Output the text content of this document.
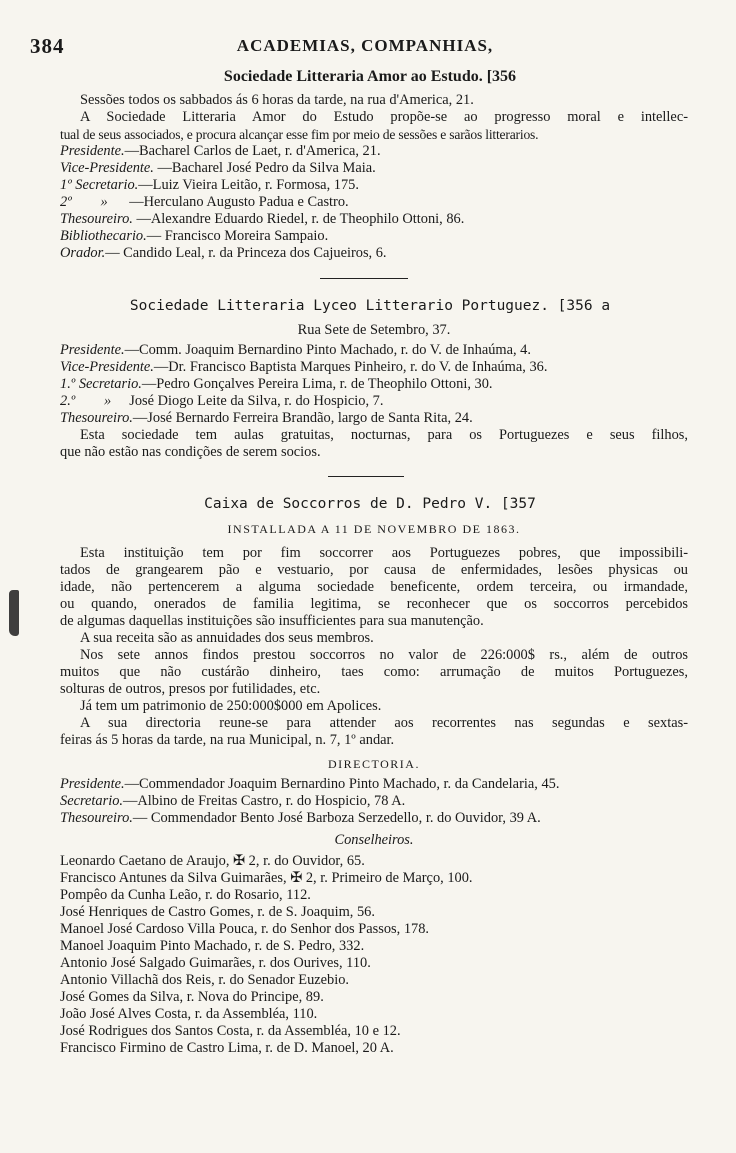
384	ACADEMIAS, COMPANHIAS,
Sociedade Litteraria Amor ao Estudo. [356
Sessões todos os sabbados ás 6 horas da tarde, na rua d'America, 21.
A Sociedade Litteraria Amor do Estudo propõe-se ao progresso moral e intellec-
tual de seus associados, e procura alcançar esse fim por meio de sessões e sarãos litterarios.
Presidente.—Bacharel Carlos de Laet, r. d'America, 21.
Vice-Presidente. —Bacharel José Pedro da Silva Maia.
1º Secretario.—Luiz Vieira Leitão, r. Formosa, 175.
2º        »      —Herculano Augusto Padua e Castro.
Thesoureiro. —Alexandre Eduardo Riedel, r. de Theophilo Ottoni, 86.
Bibliothecario.— Francisco Moreira Sampaio.
Orador.— Candido Leal, r. da Princeza dos Cajueiros, 6.
Sociedade Litteraria Lyceo Litterario Portuguez. [356 a
Rua Sete de Setembro, 37.
Presidente.—Comm. Joaquim Bernardino Pinto Machado, r. do V. de Inhaúma, 4.
Vice-Presidente.—Dr. Francisco Baptista Marques Pinheiro, r. do V. de Inhaúma, 36.
1.º Secretario.—Pedro Gonçalves Pereira Lima, r. de Theophilo Ottoni, 30.
2.º        »     José Diogo Leite da Silva, r. do Hospicio, 7.
Thesoureiro.—José Bernardo Ferreira Brandão, largo de Santa Rita, 24.
Esta sociedade tem aulas gratuitas, nocturnas, para os Portuguezes e seus filhos,
que não estão nas condições de serem socios.
Caixa de Soccorros de D. Pedro V. [357
INSTALLADA A 11 DE NOVEMBRO DE 1863.
Esta instituição tem por fim soccorrer aos Portuguezes pobres, que impossibili-
tados de grangearem pão e vestuario, por causa de enfermidades, lesões physicas ou
idade, não pertencerem a alguma sociedade beneficente, ordem terceira, ou irmandade,
ou quando, onerados de familia legitima, se reconhecer que os soccorros percebidos
de algumas daquellas instituições são insufficientes para sua manutenção.
A sua receita são as annuidades dos seus membros.
Nos sete annos findos prestou soccorros no valor de 226:000$ rs., além de outros
muitos que não custárão dinheiro, taes como: arrumação de muitos Portuguezes,
solturas de outros, presos por futilidades, etc.
Já tem um patrimonio de 250:000$000 em Apolices.
A sua directoria reune-se para attender aos recorrentes nas segundas e sextas-
feiras ás 5 horas da tarde, na rua Municipal, n. 7, 1º andar.
DIRECTORIA.
Presidente.—Commendador Joaquim Bernardino Pinto Machado, r. da Candelaria, 45.
Secretario.—Albino de Freitas Castro, r. do Hospicio, 78 A.
Thesoureiro.— Commendador Bento José Barboza Serzedello, r. do Ouvidor, 39 A.
Conselheiros.
Leonardo Caetano de Araujo, ✠ 2, r. do Ouvidor, 65.
Francisco Antunes da Silva Guimarães, ✠ 2, r. Primeiro de Março, 100.
Pompêo da Cunha Leão, r. do Rosario, 112.
José Henriques de Castro Gomes, r. de S. Joaquim, 56.
Manoel José Cardoso Villa Pouca, r. do Senhor dos Passos, 178.
Manoel Joaquim Pinto Machado, r. de S. Pedro, 332.
Antonio José Salgado Guimarães, r. dos Ourives, 110.
Antonio Villachã dos Reis, r. do Senador Euzebio.
José Gomes da Silva, r. Nova do Principe, 89.
João José Alves Costa, r. da Assembléa, 110.
José Rodrigues dos Santos Costa, r. da Assembléa, 10 e 12.
Francisco Firmino de Castro Lima, r. de D. Manoel, 20 A.
